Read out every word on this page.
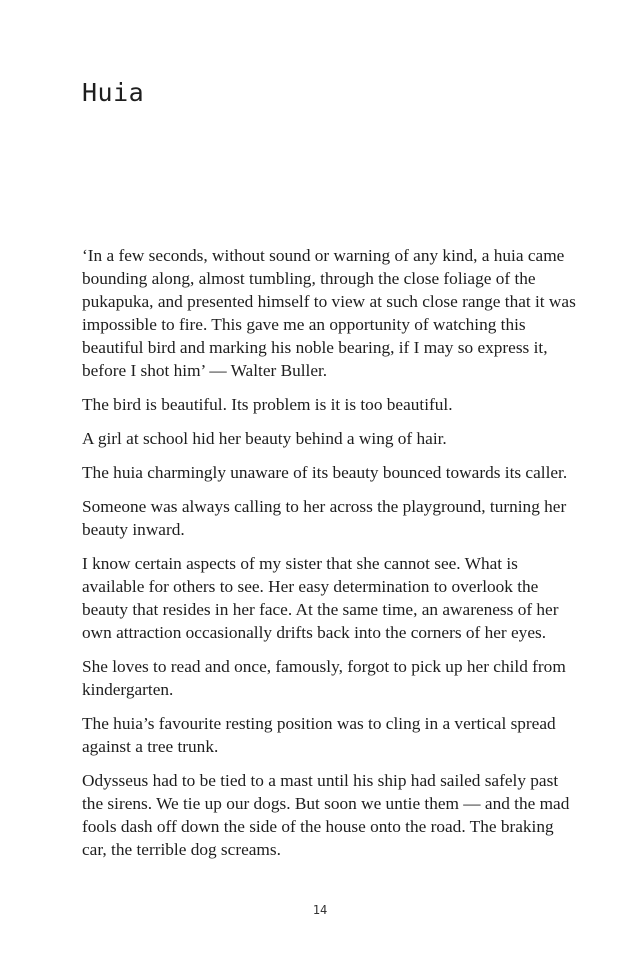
Huia

‘In a few seconds, without sound or warning of any kind, a huia came bounding along, almost tumbling, through the close foliage of the pukapuka, and presented himself to view at such close range that it was impossible to fire. This gave me an opportunity of watching this beautiful bird and marking his noble bearing, if I may so express it, before I shot him’ — Walter Buller.

The bird is beautiful. Its problem is it is too beautiful.

A girl at school hid her beauty behind a wing of hair.

The huia charmingly unaware of its beauty bounced towards its caller.

Someone was always calling to her across the playground, turning her beauty inward.

I know certain aspects of my sister that she cannot see. What is available for others to see. Her easy determination to overlook the beauty that resides in her face. At the same time, an awareness of her own attraction occasionally drifts back into the corners of her eyes.

She loves to read and once, famously, forgot to pick up her child from kindergarten.

The huia’s favourite resting position was to cling in a vertical spread against a tree trunk.

Odysseus had to be tied to a mast until his ship had sailed safely past the sirens. We tie up our dogs. But soon we untie them — and the mad fools dash off down the side of the house onto the road. The braking car, the terrible dog screams.

14
